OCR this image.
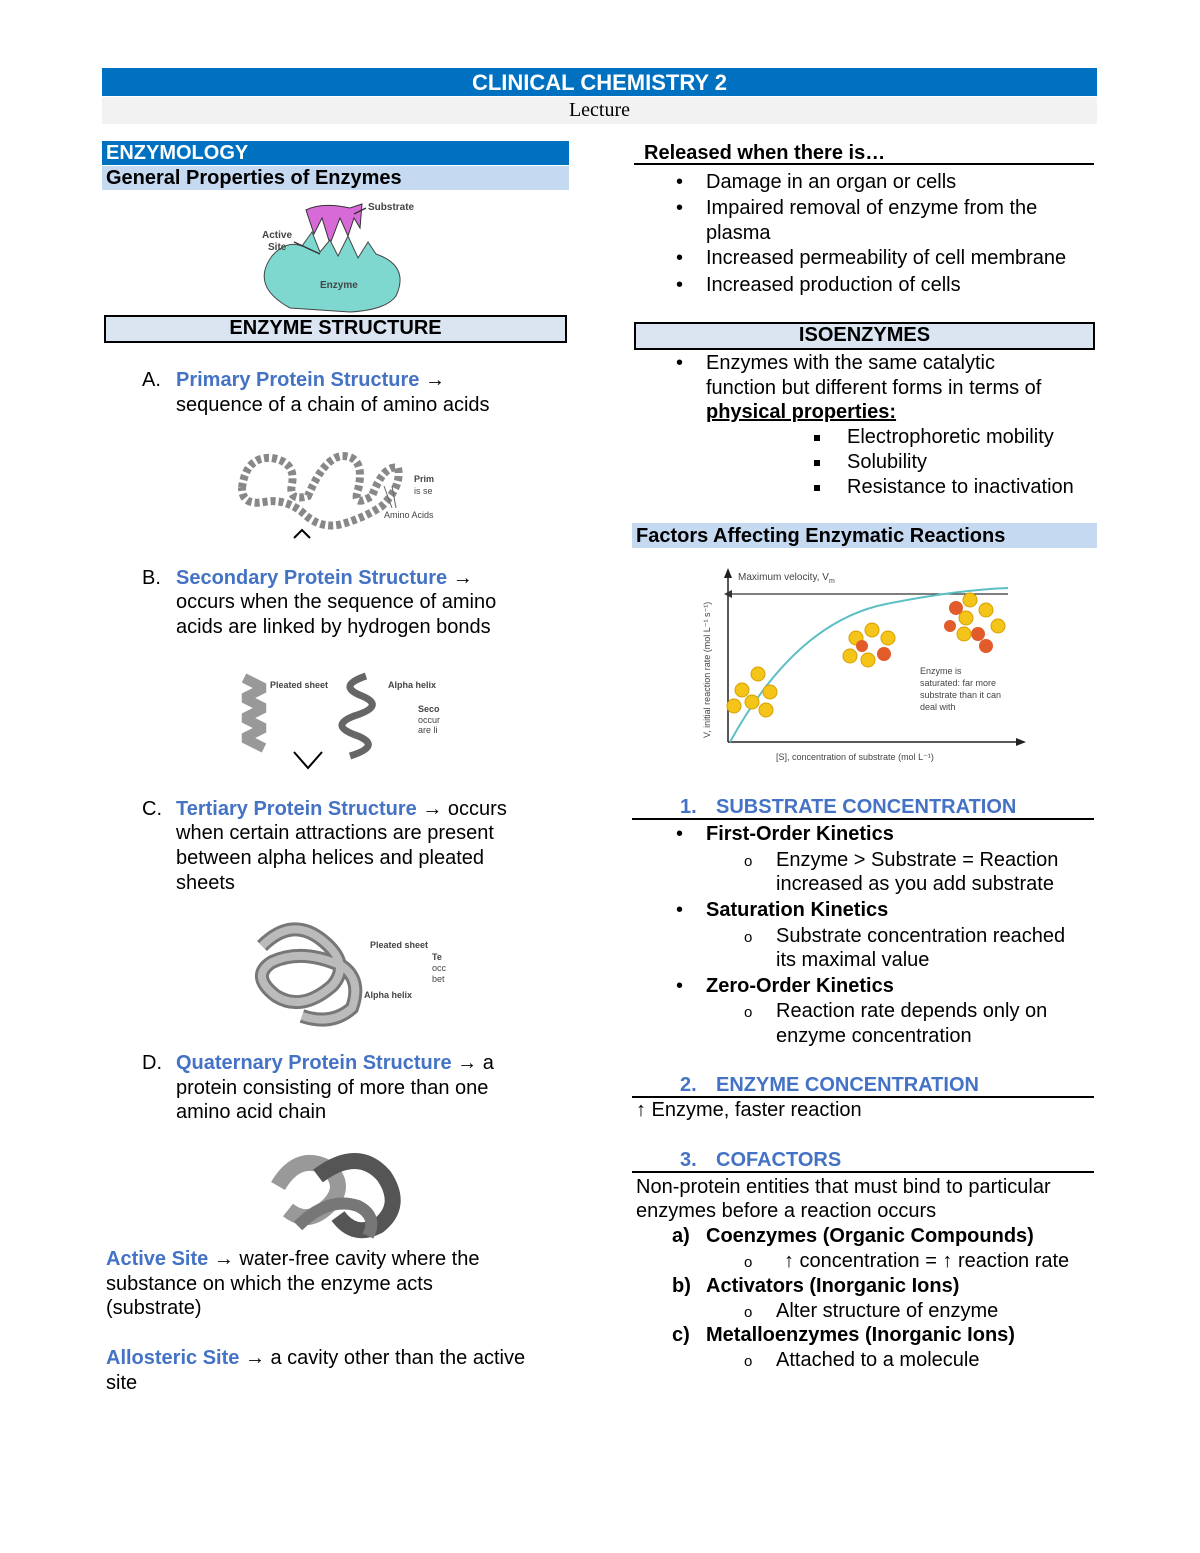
CLINICAL CHEMISTRY 2
Lecture
ENZYMOLOGY
General Properties of Enzymes
Substrate
Active
Site
Enzyme
ENZYME STRUCTURE
A. Primary Protein Structure →
sequence of a chain of amino acids
Prim
is se
Amino Acids
B. Secondary Protein Structure →
occurs when the sequence of amino
acids are linked by hydrogen bonds
Pleated sheet	Alpha helix
Seco
occur
are li
C. Tertiary Protein Structure → occurs
when certain attractions are present
between alpha helices and pleated
sheets
Pleated sheet
Te
occ
bet
Alpha helix
D. Quaternary Protein Structure → a
protein consisting of more than one
amino acid chain
Active Site → water-free cavity where the
substance on which the enzyme acts
(substrate)
Allosteric Site → a cavity other than the active
site
Released when there is…
• Damage in an organ or cells
• Impaired removal of enzyme from the
plasma
• Increased permeability of cell membrane
• Increased production of cells
ISOENZYMES
• Enzymes with the same catalytic
function but different forms in terms of
physical properties:
Electrophoretic mobility
Solubility
Resistance to inactivation
Factors Affecting Enzymatic Reactions
Maximum velocity, $V_m$
V, initial reaction rate (mol L⁻¹ s⁻¹)
[S], concentration of substrate (mol L⁻¹)
Enzyme is
saturated: far more
substrate than it can
deal with
1. SUBSTRATE CONCENTRATION
• First-Order Kinetics
o Enzyme > Substrate = Reaction
increased as you add substrate
• Saturation Kinetics
o Substrate concentration reached
its maximal value
• Zero-Order Kinetics
o Reaction rate depends only on
enzyme concentration
2. ENZYME CONCENTRATION
↑ Enzyme, faster reaction
3. COFACTORS
Non-protein entities that must bind to particular
enzymes before a reaction occurs
a) Coenzymes (Organic Compounds)
o ↑ concentration = ↑ reaction rate
b) Activators (Inorganic Ions)
o Alter structure of enzyme
c) Metalloenzymes (Inorganic Ions)
o Attached to a molecule
